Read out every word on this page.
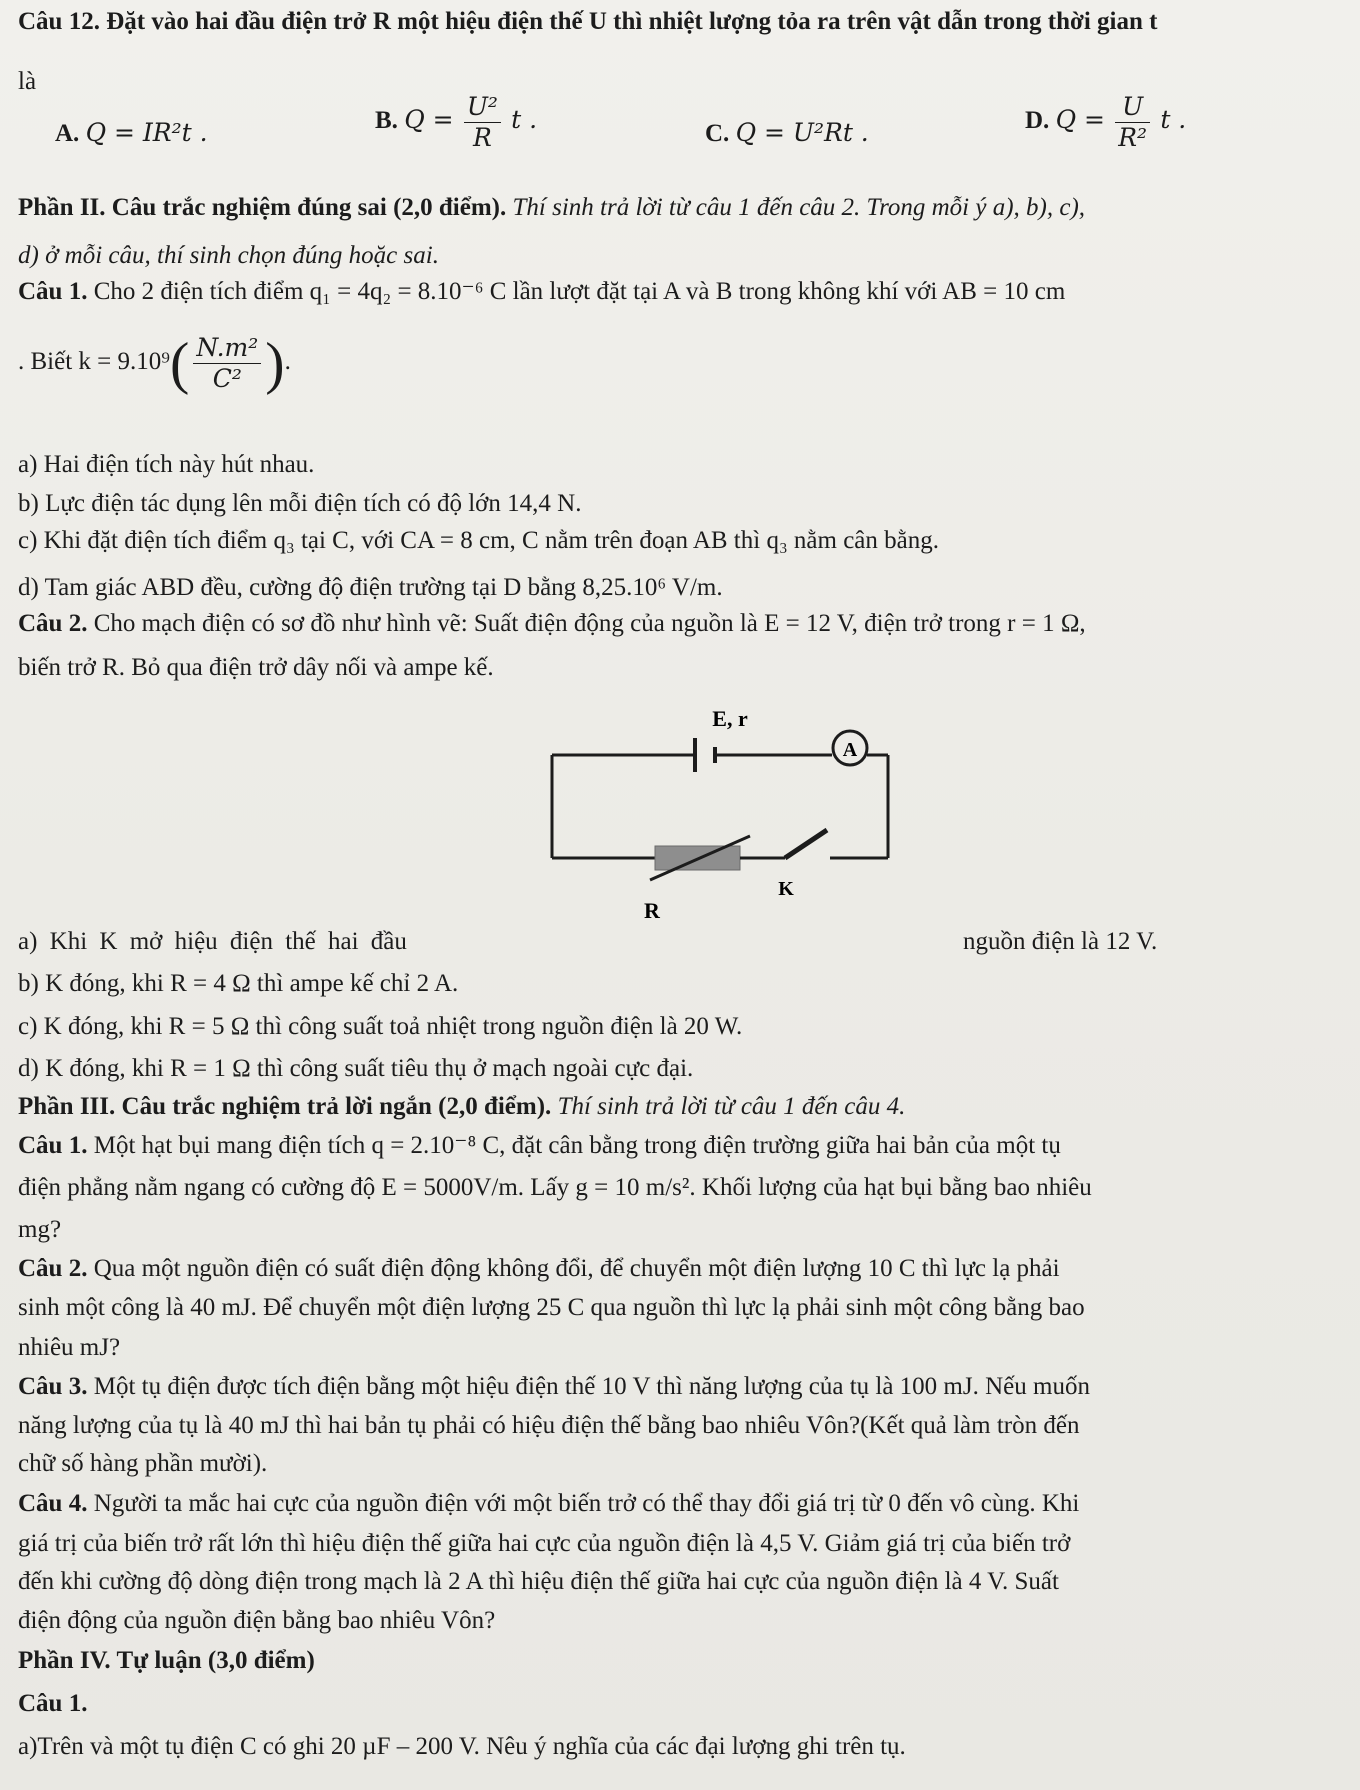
Câu 12. Đặt vào hai đầu điện trở R một hiệu điện thế U thì nhiệt lượng tỏa ra trên vật dẫn trong thời gian t
là
A. Q = IR²t .	B. $Q = \frac{\text{U²}}{R}$ t .	C. Q = U²Rt .	D. $Q = \frac{U}{\text{R²}}$ t .
Phần II. Câu trắc nghiệm đúng sai (2,0 điểm). Thí sinh trả lời từ câu 1 đến câu 2. Trong mỗi ý a), b), c),
d) ở mỗi câu, thí sinh chọn đúng hoặc sai.
Câu 1. Cho 2 điện tích điểm q₁ = 4q₂ = 8.10⁻⁶ C lần lượt đặt tại A và B trong không khí với AB = 10 cm
. Biết $k = 9.10^9( \frac{\text{N.m²}}{\text{C²}}$ ).
a) Hai điện tích này hút nhau.
b) Lực điện tác dụng lên mỗi điện tích có độ lớn 14,4 N.
c) Khi đặt điện tích điểm q₃ tại C, với CA = 8 cm, C nằm trên đoạn AB thì q₃ nằm cân bằng.
d) Tam giác ABD đều, cường độ điện trường tại D bằng 8,25.10⁶ V/m.
Câu 2. Cho mạch điện có sơ đồ như hình vẽ: Suất điện động của nguồn là E = 12 V, điện trở trong r = 1 Ω,
biến trở R. Bỏ qua điện trở dây nối và ampe kế.
A
R
K
E, r
a) Khi K mở hiệu điện thế hai đầu	nguồn điện là 12 V.
b) K đóng, khi R = 4 Ω thì ampe kế chỉ 2 A.
c) K đóng, khi R = 5 Ω thì công suất toả nhiệt trong nguồn điện là 20 W.
d) K đóng, khi R = 1 Ω thì công suất tiêu thụ ở mạch ngoài cực đại.
Phần III. Câu trắc nghiệm trả lời ngắn (2,0 điểm). Thí sinh trả lời từ câu 1 đến câu 4.
Câu 1. Một hạt bụi mang điện tích q = 2.10⁻⁸ C, đặt cân bằng trong điện trường giữa hai bản của một tụ
điện phẳng nằm ngang có cường độ E = 5000V/m. Lấy g = 10 m/s². Khối lượng của hạt bụi bằng bao nhiêu
mg?
Câu 2. Qua một nguồn điện có suất điện động không đổi, để chuyển một điện lượng 10 C thì lực lạ phải
sinh một công là 40 mJ. Để chuyển một điện lượng 25 C qua nguồn thì lực lạ phải sinh một công bằng bao
nhiêu mJ?
Câu 3. Một tụ điện được tích điện bằng một hiệu điện thế 10 V thì năng lượng của tụ là 100 mJ. Nếu muốn
năng lượng của tụ là 40 mJ thì hai bản tụ phải có hiệu điện thế bằng bao nhiêu Vôn?(Kết quả làm tròn đến
chữ số hàng phần mười).
Câu 4. Người ta mắc hai cực của nguồn điện với một biến trở có thể thay đổi giá trị từ 0 đến vô cùng. Khi
giá trị của biến trở rất lớn thì hiệu điện thế giữa hai cực của nguồn điện là 4,5 V. Giảm giá trị của biến trở
đến khi cường độ dòng điện trong mạch là 2 A thì hiệu điện thế giữa hai cực của nguồn điện là 4 V. Suất
điện động của nguồn điện bằng bao nhiêu Vôn?
Phần IV. Tự luận (3,0 điểm)
Câu 1.
a)Trên và một tụ điện C có ghi 20 µF – 200 V. Nêu ý nghĩa của các đại lượng ghi trên tụ.
